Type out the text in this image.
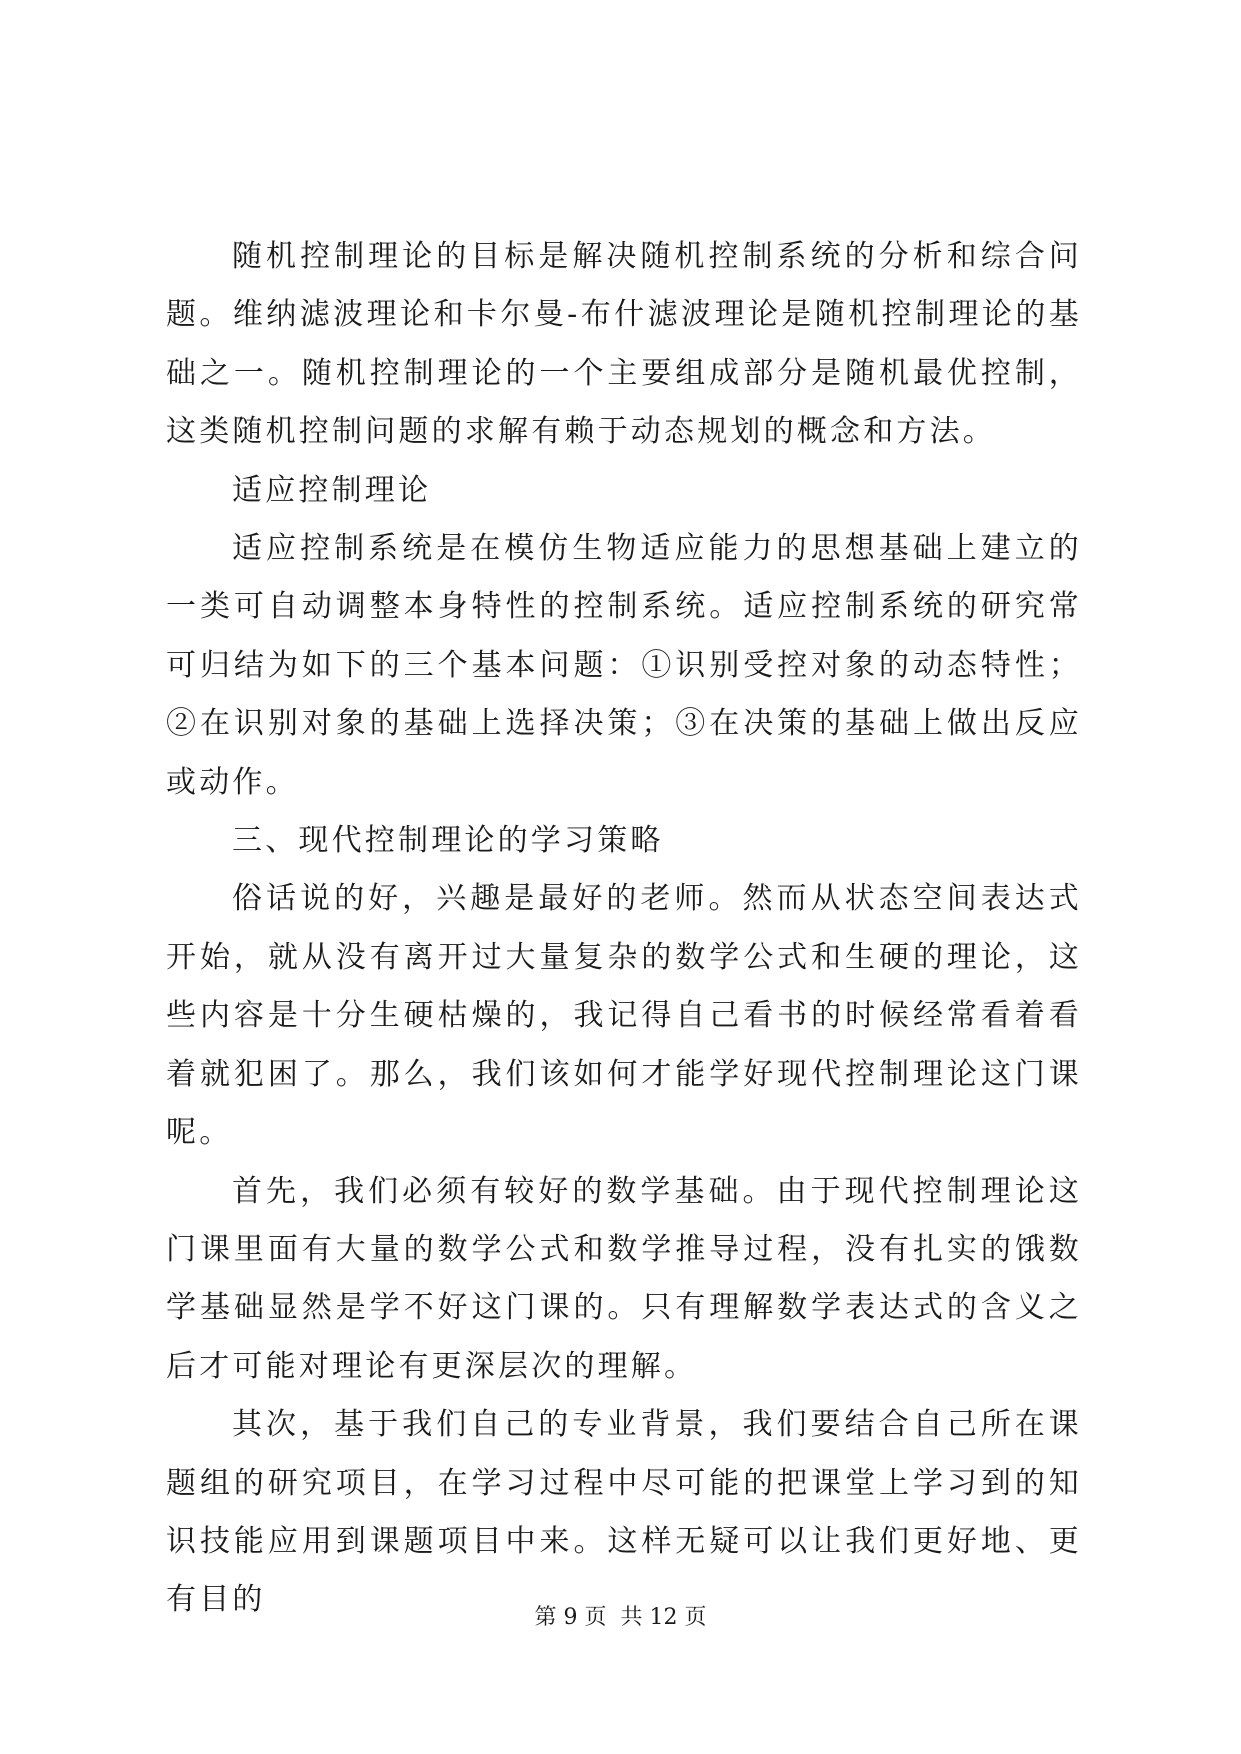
随机控制理论的目标是解决随机控制系统的分析和综合问题。维纳滤波理论和卡尔曼-布什滤波理论是随机控制理论的基础之一。随机控制理论的一个主要组成部分是随机最优控制，这类随机控制问题的求解有赖于动态规划的概念和方法。

适应控制理论

适应控制系统是在模仿生物适应能力的思想基础上建立的一类可自动调整本身特性的控制系统。适应控制系统的研究常可归结为如下的三个基本问题：①识别受控对象的动态特性；②在识别对象的基础上选择决策；③在决策的基础上做出反应或动作。

三、现代控制理论的学习策略

俗话说的好，兴趣是最好的老师。然而从状态空间表达式开始，就从没有离开过大量复杂的数学公式和生硬的理论，这些内容是十分生硬枯燥的，我记得自己看书的时候经常看着看着就犯困了。那么，我们该如何才能学好现代控制理论这门课呢。

首先，我们必须有较好的数学基础。由于现代控制理论这门课里面有大量的数学公式和数学推导过程，没有扎实的饿数学基础显然是学不好这门课的。只有理解数学表达式的含义之后才可能对理论有更深层次的理解。

其次，基于我们自己的专业背景，我们要结合自己所在课题组的研究项目，在学习过程中尽可能的把课堂上学习到的知识技能应用到课题项目中来。这样无疑可以让我们更好地、更有目的

第 9 页  共 12 页
